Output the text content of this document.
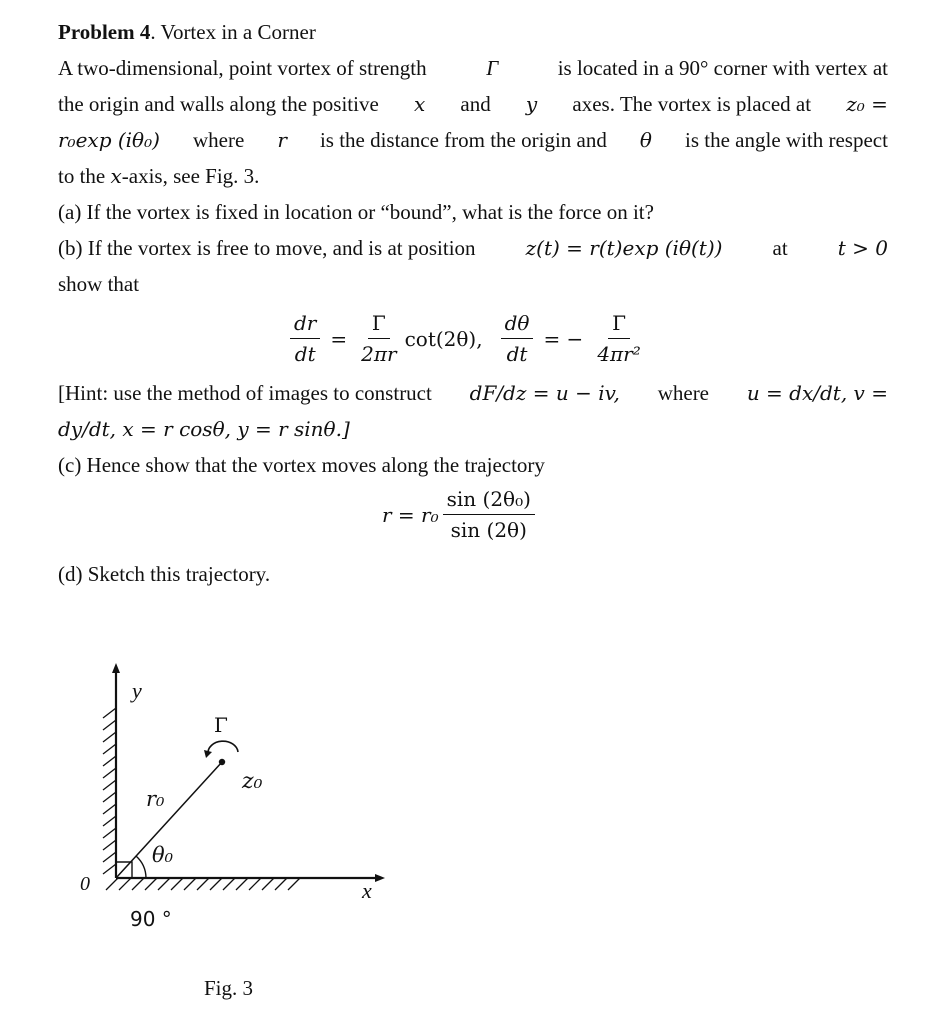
Problem 4. Vortex in a Corner
A two-dimensional, point vortex of strength	Γ	is located in a 90° corner with vertex at
the origin and walls along the positive x and y axes. The vortex is placed at z₀ =
r₀exp (iθ₀) where r is the distance from the origin and θ is the angle with respect
to the x-axis, see Fig. 3.
(a) If the vortex is fixed in location or “bound”, what is the force on it?
(b) If the vortex is free to move, and is at position	z(t) = r(t)exp (iθ(t)) at	t > 0
show that
$\frac{dr}{dt} = \frac{\Gamma}{2\pi r} \cot(2\theta)$, $\frac{d\theta}{dt}$ = − $\frac{\Gamma}{\text{4πr²}}$
[Hint: use the method of images to construct dF/dz = u − iv, where u = dx/dt, v =
dy/dt, x = r cosθ, y = r sinθ.]
(c) Hence show that the vortex moves along the trajectory
$r = r_0 \frac{\text{sin (2θ₀)}}{\sin (2\theta)}$
(d) Sketch this trajectory.
y
x
0
Γ
z₀
r₀
θ₀
90 °
Fig. 3
